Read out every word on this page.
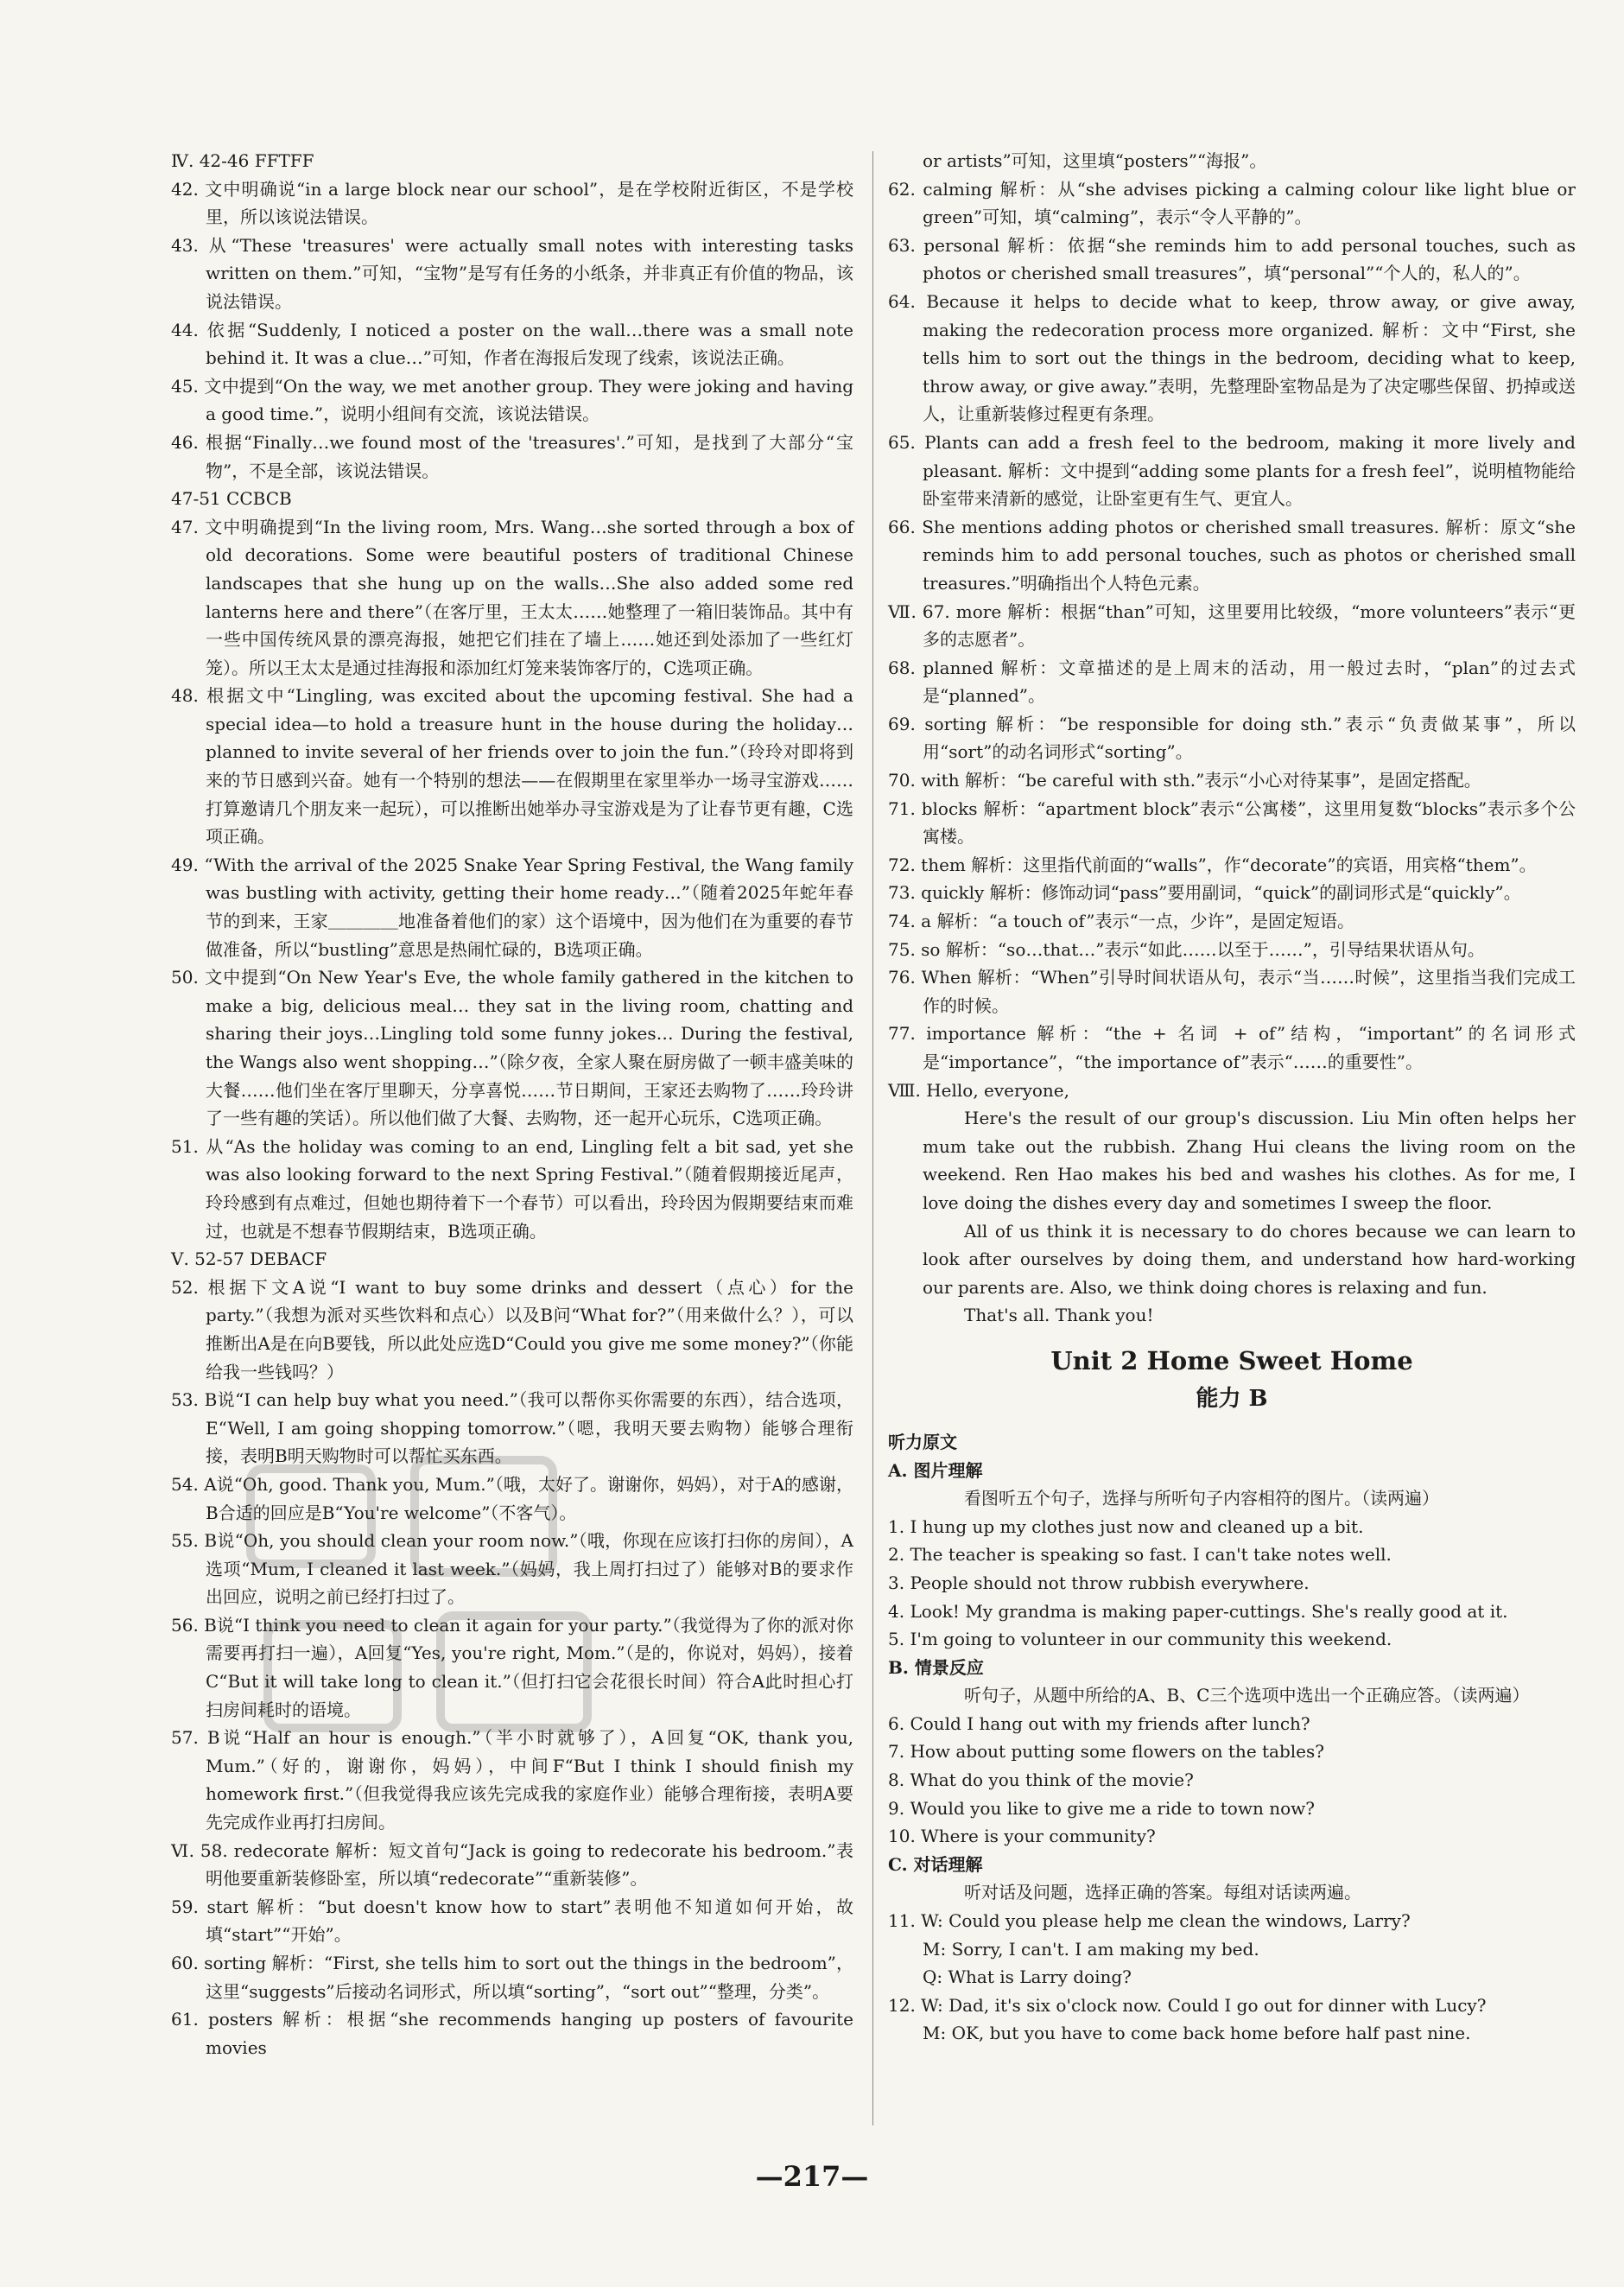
Ⅳ. 42-46 FFTFF

42. 文中明确说“in a large block near our school”，是在学校附近街区，不是学校里，所以该说法错误。

43. 从“These 'treasures' were actually small notes with interesting tasks written on them.”可知，“宝物”是写有任务的小纸条，并非真正有价值的物品，该说法错误。

44. 依据“Suddenly, I noticed a poster on the wall…there was a small note behind it. It was a clue…”可知，作者在海报后发现了线索，该说法正确。

45. 文中提到“On the way, we met another group. They were joking and having a good time.”，说明小组间有交流，该说法错误。

46. 根据“Finally…we found most of the 'treasures'.”可知，是找到了大部分“宝物”，不是全部，该说法错误。

47-51 CCBCB

47. 文中明确提到“In the living room, Mrs. Wang…she sorted through a box of old decorations. Some were beautiful posters of traditional Chinese landscapes that she hung up on the walls…She also added some red lanterns here and there”（在客厅里，王太太……她整理了一箱旧装饰品。其中有一些中国传统风景的漂亮海报，她把它们挂在了墙上……她还到处添加了一些红灯笼）。所以王太太是通过挂海报和添加红灯笼来装饰客厅的，C选项正确。

48. 根据文中“Lingling, was excited about the upcoming festival. She had a special idea—to hold a treasure hunt in the house during the holiday… planned to invite several of her friends over to join the fun.”（玲玲对即将到来的节日感到兴奋。她有一个特别的想法——在假期里在家里举办一场寻宝游戏……打算邀请几个朋友来一起玩），可以推断出她举办寻宝游戏是为了让春节更有趣，C选项正确。

49. “With the arrival of the 2025 Snake Year Spring Festival, the Wang family was bustling with activity, getting their home ready…”（随着2025年蛇年春节的到来，王家＿＿＿＿地准备着他们的家）这个语境中，因为他们在为重要的春节做准备，所以“bustling”意思是热闹忙碌的，B选项正确。

50. 文中提到“On New Year's Eve, the whole family gathered in the kitchen to make a big, delicious meal… they sat in the living room, chatting and sharing their joys…Lingling told some funny jokes… During the festival, the Wangs also went shopping…”（除夕夜，全家人聚在厨房做了一顿丰盛美味的大餐……他们坐在客厅里聊天，分享喜悦……节日期间，王家还去购物了……玲玲讲了一些有趣的笑话）。所以他们做了大餐、去购物，还一起开心玩乐，C选项正确。

51. 从“As the holiday was coming to an end, Lingling felt a bit sad, yet she was also looking forward to the next Spring Festival.”（随着假期接近尾声，玲玲感到有点难过，但她也期待着下一个春节）可以看出，玲玲因为假期要结束而难过，也就是不想春节假期结束，B选项正确。

Ⅴ. 52-57 DEBACF

52. 根据下文A说“I want to buy some drinks and dessert（点心）for the party.”（我想为派对买些饮料和点心）以及B问“What for?”（用来做什么？），可以推断出A是在向B要钱，所以此处应选D“Could you give me some money?”（你能给我一些钱吗？）

53. B说“I can help buy what you need.”（我可以帮你买你需要的东西），结合选项，E“Well, I am going shopping tomorrow.”（嗯，我明天要去购物）能够合理衔接，表明B明天购物时可以帮忙买东西。

54. A说“Oh, good. Thank you, Mum.”（哦，太好了。谢谢你，妈妈），对于A的感谢，B合适的回应是B“You're welcome”（不客气）。

55. B说“Oh, you should clean your room now.”（哦，你现在应该打扫你的房间），A选项“Mum, I cleaned it last week.”（妈妈，我上周打扫过了）能够对B的要求作出回应，说明之前已经打扫过了。

56. B说“I think you need to clean it again for your party.”（我觉得为了你的派对你需要再打扫一遍），A回复“Yes, you're right, Mom.”（是的，你说对，妈妈），接着C“But it will take long to clean it.”（但打扫它会花很长时间）符合A此时担心打扫房间耗时的语境。

57. B说“Half an hour is enough.”（半小时就够了），A回复“OK, thank you, Mum.”（好的，谢谢你，妈妈），中间F“But I think I should finish my homework first.”（但我觉得我应该先完成我的家庭作业）能够合理衔接，表明A要先完成作业再打扫房间。

Ⅵ. 58. redecorate 解析：短文首句“Jack is going to redecorate his bedroom.”表明他要重新装修卧室，所以填“redecorate”“重新装修”。

59. start 解析：“but doesn't know how to start”表明他不知道如何开始，故填“start”“开始”。

60. sorting 解析：“First, she tells him to sort out the things in the bedroom”，这里“suggests”后接动名词形式，所以填“sorting”，“sort out”“整理，分类”。

61. posters 解析：根据“she recommends hanging up posters of favourite movies

or artists”可知，这里填“posters”“海报”。

62. calming 解析：从“she advises picking a calming colour like light blue or green”可知，填“calming”，表示“令人平静的”。

63. personal 解析：依据“she reminds him to add personal touches, such as photos or cherished small treasures”，填“personal”“个人的，私人的”。

64. Because it helps to decide what to keep, throw away, or give away, making the redecoration process more organized. 解析：文中“First, she tells him to sort out the things in the bedroom, deciding what to keep, throw away, or give away.”表明，先整理卧室物品是为了决定哪些保留、扔掉或送人，让重新装修过程更有条理。

65. Plants can add a fresh feel to the bedroom, making it more lively and pleasant. 解析：文中提到“adding some plants for a fresh feel”，说明植物能给卧室带来清新的感觉，让卧室更有生气、更宜人。

66. She mentions adding photos or cherished small treasures. 解析：原文“she reminds him to add personal touches, such as photos or cherished small treasures.”明确指出个人特色元素。

Ⅶ. 67. more 解析：根据“than”可知，这里要用比较级，“more volunteers”表示“更多的志愿者”。

68. planned 解析：文章描述的是上周末的活动，用一般过去时，“plan”的过去式是“planned”。

69. sorting 解析：“be responsible for doing sth.”表示“负责做某事”，所以用“sort”的动名词形式“sorting”。

70. with 解析：“be careful with sth.”表示“小心对待某事”，是固定搭配。

71. blocks 解析：“apartment block”表示“公寓楼”，这里用复数“blocks”表示多个公寓楼。

72. them 解析：这里指代前面的“walls”，作“decorate”的宾语，用宾格“them”。

73. quickly 解析：修饰动词“pass”要用副词，“quick”的副词形式是“quickly”。

74. a 解析：“a touch of”表示“一点，少许”，是固定短语。

75. so 解析：“so…that…”表示“如此……以至于……”，引导结果状语从句。

76. When 解析：“When”引导时间状语从句，表示“当……时候”，这里指当我们完成工作的时候。

77. importance 解析：“the + 名词 + of”结构，“important”的名词形式是“importance”，“the importance of”表示“……的重要性”。

Ⅷ. Hello, everyone,

Here's the result of our group's discussion. Liu Min often helps her mum take out the rubbish. Zhang Hui cleans the living room on the weekend. Ren Hao makes his bed and washes his clothes. As for me, I love doing the dishes every day and sometimes I sweep the floor.

All of us think it is necessary to do chores because we can learn to look after ourselves by doing them, and understand how hard-working our parents are. Also, we think doing chores is relaxing and fun.

That's all. Thank you!

Unit 2 Home Sweet Home
能力 B

听力原文

A. 图片理解

看图听五个句子，选择与所听句子内容相符的图片。（读两遍）

1. I hung up my clothes just now and cleaned up a bit.

2. The teacher is speaking so fast. I can't take notes well.

3. People should not throw rubbish everywhere.

4. Look! My grandma is making paper-cuttings. She's really good at it.

5. I'm going to volunteer in our community this weekend.

B. 情景反应

听句子，从题中所给的A、B、C三个选项中选出一个正确应答。（读两遍）

6. Could I hang out with my friends after lunch?

7. How about putting some flowers on the tables?

8. What do you think of the movie?

9. Would you like to give me a ride to town now?

10. Where is your community?

C. 对话理解

听对话及问题，选择正确的答案。每组对话读两遍。

11. W: Could you please help me clean the windows, Larry?

M: Sorry, I can't. I am making my bed.

Q: What is Larry doing?

12. W: Dad, it's six o'clock now. Could I go out for dinner with Lucy?

M: OK, but you have to come back home before half past nine.

—217—
